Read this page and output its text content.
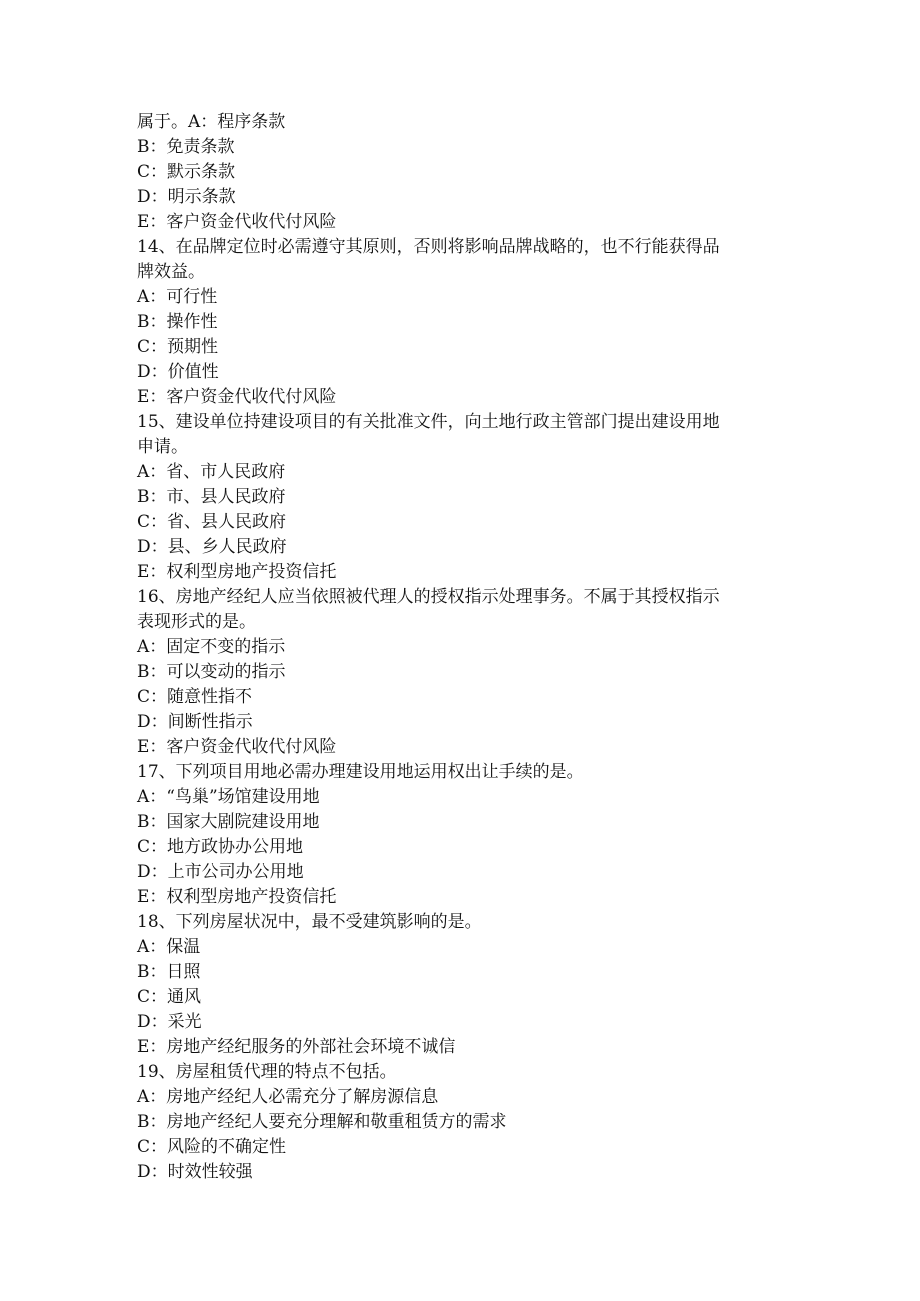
属于。A：程序条款
B：免责条款
C：默示条款
D：明示条款
E：客户资金代收代付风险
14、在品牌定位时必需遵守其原则，否则将影响品牌战略的，也不行能获得品
牌效益。
A：可行性
B：操作性
C：预期性
D：价值性
E：客户资金代收代付风险
15、建设单位持建设项目的有关批准文件，向土地行政主管部门提出建设用地
申请。
A：省、市人民政府
B：市、县人民政府
C：省、县人民政府
D：县、乡人民政府
E：权利型房地产投资信托
16、房地产经纪人应当依照被代理人的授权指示处理事务。不属于其授权指示
表现形式的是。
A：固定不变的指示
B：可以变动的指示
C：随意性指不
D：间断性指示
E：客户资金代收代付风险
17、下列项目用地必需办理建设用地运用权出让手续的是。
A：“鸟巢”场馆建设用地
B：国家大剧院建设用地
C：地方政协办公用地
D：上市公司办公用地
E：权利型房地产投资信托
18、下列房屋状况中，最不受建筑影响的是。
A：保温
B：日照
C：通风
D：采光
E：房地产经纪服务的外部社会环境不诚信
19、房屋租赁代理的特点不包括。
A：房地产经纪人必需充分了解房源信息
B：房地产经纪人要充分理解和敬重租赁方的需求
C：风险的不确定性
D：时效性较强
